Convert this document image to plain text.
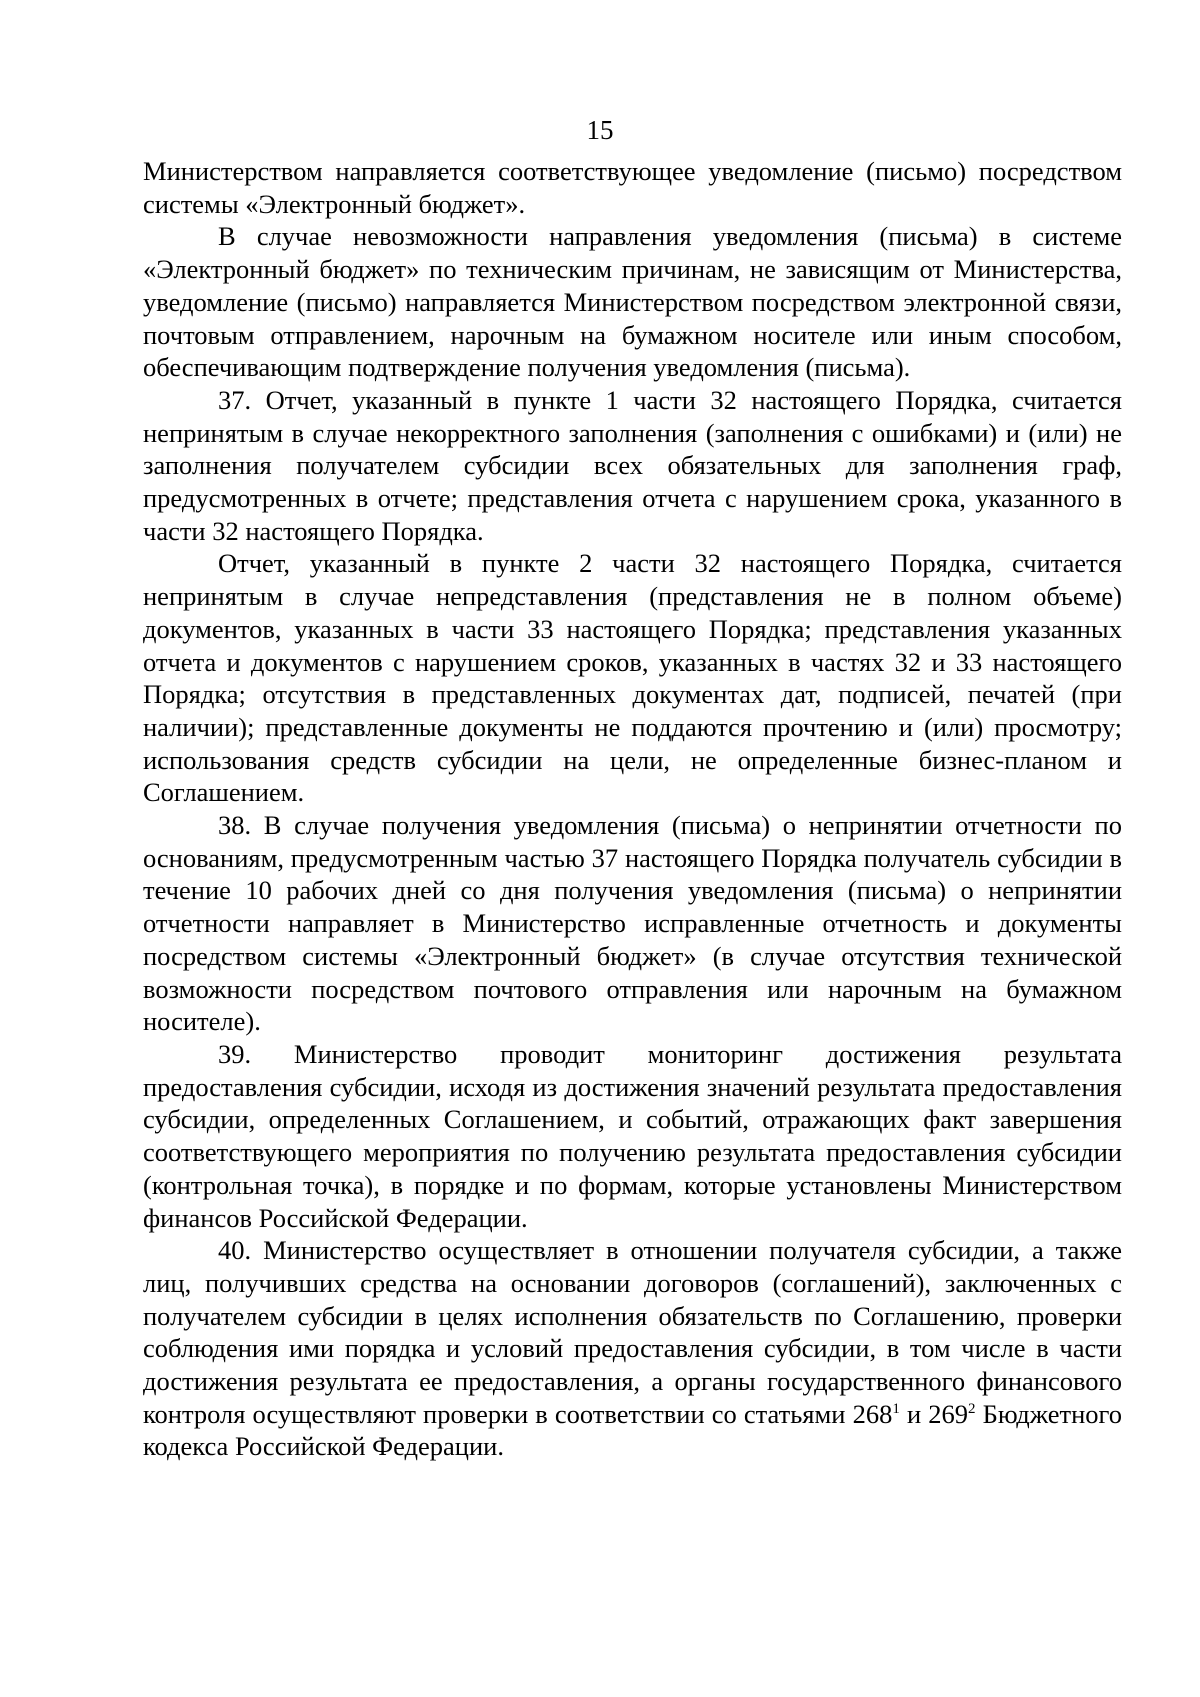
15

Министерством направляется соответствующее уведомление (письмо) посредством системы «Электронный бюджет».

В случае невозможности направления уведомления (письма) в системе «Электронный бюджет» по техническим причинам, не зависящим от Министерства, уведомление (письмо) направляется Министерством посредством электронной связи, почтовым отправлением, нарочным на бумажном носителе или иным способом, обеспечивающим подтверждение получения уведомления (письма).

37. Отчет, указанный в пункте 1 части 32 настоящего Порядка, считается непринятым в случае некорректного заполнения (заполнения с ошибками) и (или) не заполнения получателем субсидии всех обязательных для заполнения граф, предусмотренных в отчете; представления отчета с нарушением срока, указанного в части 32 настоящего Порядка.

Отчет, указанный в пункте 2 части 32 настоящего Порядка, считается непринятым в случае непредставления (представления не в полном объеме) документов, указанных в части 33 настоящего Порядка; представления указанных отчета и документов с нарушением сроков, указанных в частях 32 и 33 настоящего Порядка; отсутствия в представленных документах дат, подписей, печатей (при наличии); представленные документы не поддаются прочтению и (или) просмотру; использования средств субсидии на цели, не определенные бизнес-планом и Соглашением.

38. В случае получения уведомления (письма) о непринятии отчетности по основаниям, предусмотренным частью 37 настоящего Порядка получатель субсидии в течение 10 рабочих дней со дня получения уведомления (письма) о непринятии отчетности направляет в Министерство исправленные отчетность и документы посредством системы «Электронный бюджет» (в случае отсутствия технической возможности посредством почтового отправления или нарочным на бумажном носителе).

39. Министерство проводит мониторинг достижения результата предоставления субсидии, исходя из достижения значений результата предоставления субсидии, определенных Соглашением, и событий, отражающих факт завершения соответствующего мероприятия по получению результата предоставления субсидии (контрольная точка), в порядке и по формам, которые установлены Министерством финансов Российской Федерации.

40. Министерство осуществляет в отношении получателя субсидии, а также лиц, получивших средства на основании договоров (соглашений), заключенных с получателем субсидии в целях исполнения обязательств по Соглашению, проверки соблюдения ими порядка и условий предоставления субсидии, в том числе в части достижения результата ее предоставления, а органы государственного финансового контроля осуществляют проверки в соответствии со статьями $268^1$ и $269^2$ Бюджетного кодекса Российской Федерации.
